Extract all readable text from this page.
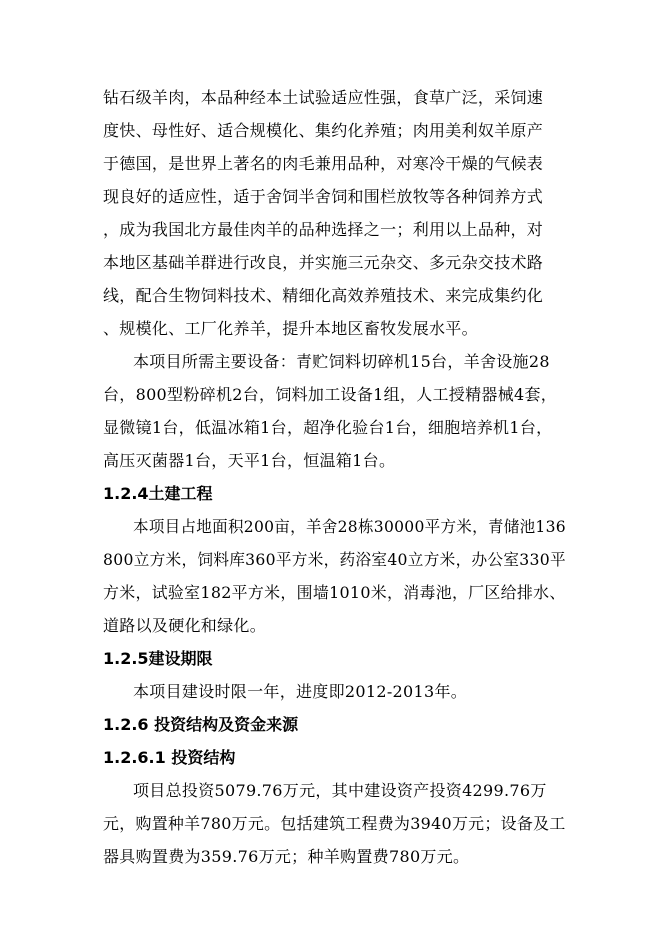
钻石级羊肉，本品种经本土试验适应性强，食草广泛，采饲速
度快、母性好、适合规模化、集约化养殖；肉用美利奴羊原产
于德国，是世界上著名的肉毛兼用品种，对寒冷干燥的气候表
现良好的适应性，适于舍饲半舍饲和围栏放牧等各种饲养方式
，成为我国北方最佳肉羊的品种选择之一；利用以上品种，对
本地区基础羊群进行改良，并实施三元杂交、多元杂交技术路
线，配合生物饲料技术、精细化高效养殖技术、来完成集约化
、规模化、工厂化养羊，提升本地区畜牧发展水平。
本项目所需主要设备：青贮饲料切碎机15台，羊舍设施28
台，800型粉碎机2台，饲料加工设备1组，人工授精器械4套，
显微镜1台，低温冰箱1台，超净化验台1台，细胞培养机1台，
高压灭菌器1台，天平1台，恒温箱1台。
1.2.4土建工程
本项目占地面积200亩，羊舍28栋30000平方米，青储池136
800立方米，饲料库360平方米，药浴室40立方米，办公室330平
方米，试验室182平方米，围墙1010米，消毒池，厂区给排水、
道路以及硬化和绿化。
1.2.5建设期限
本项目建设时限一年，进度即2012-2013年。
1.2.6 投资结构及资金来源
1.2.6.1 投资结构
项目总投资5079.76万元，其中建设资产投资4299.76万
元，购置种羊780万元。包括建筑工程费为3940万元；设备及工
器具购置费为359.76万元；种羊购置费780万元。
